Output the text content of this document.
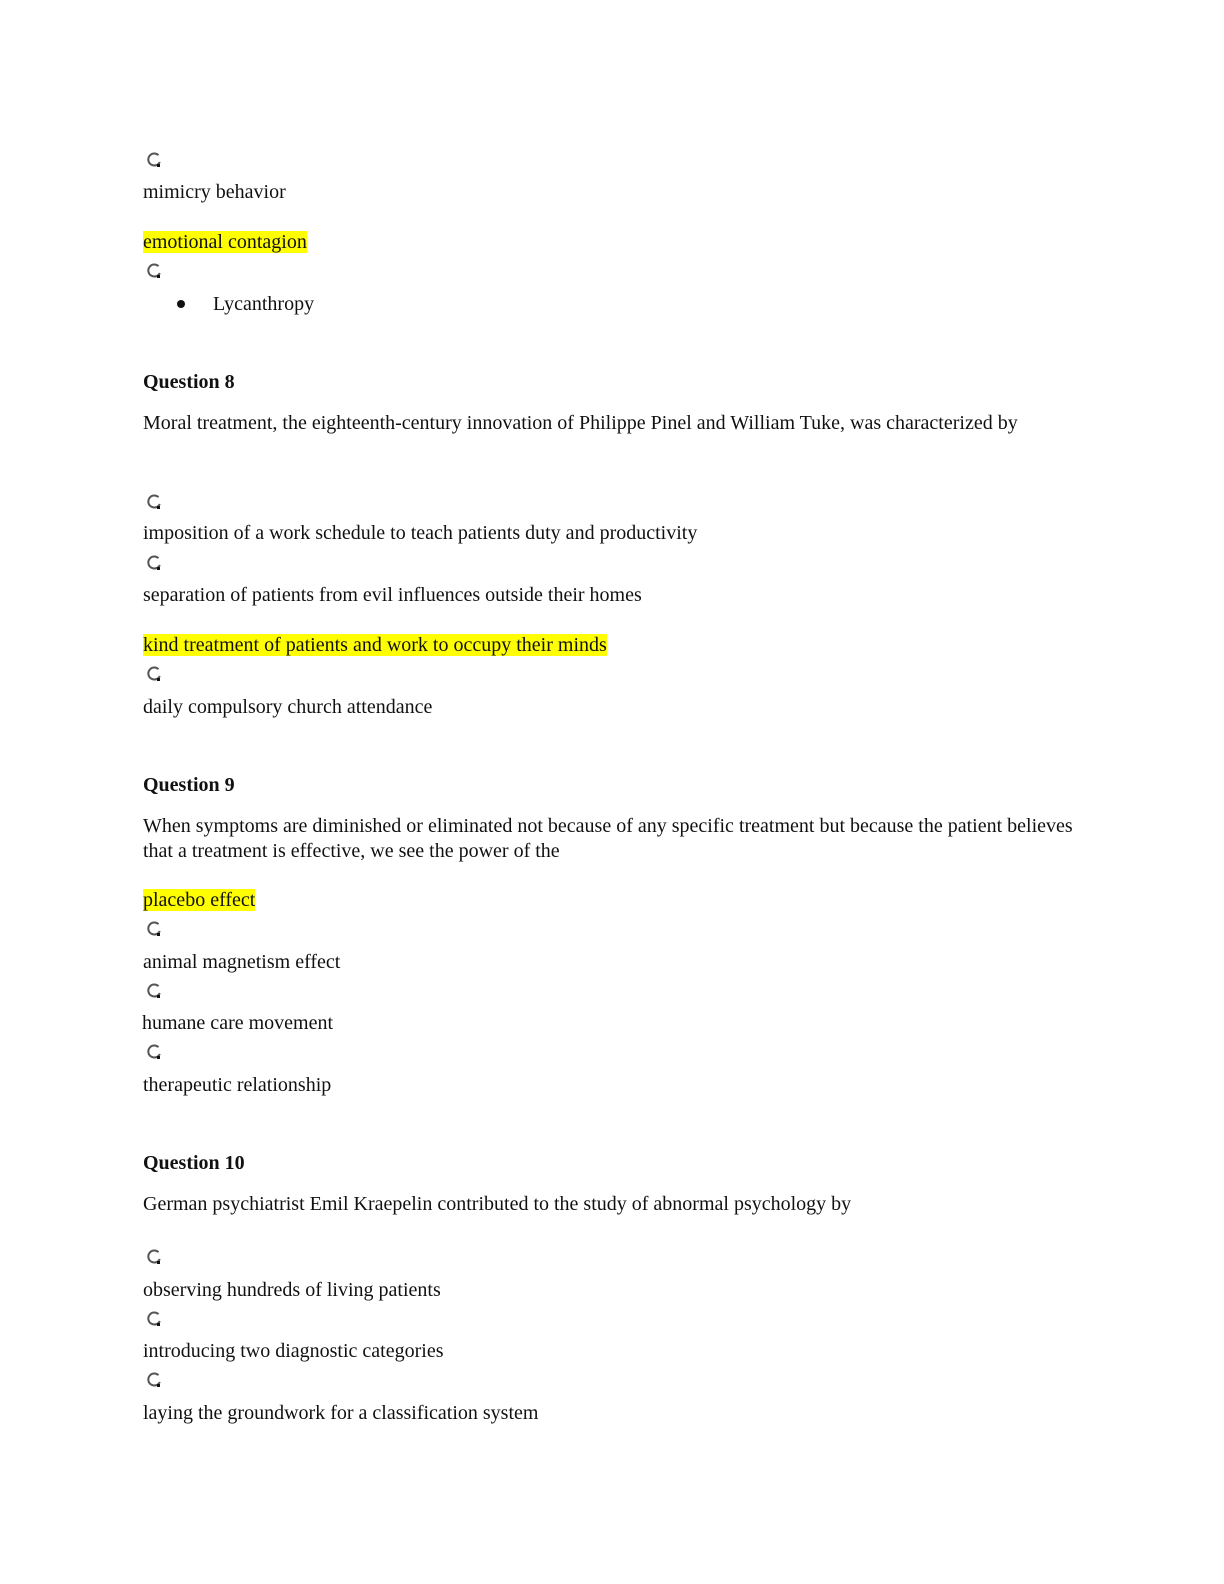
mimicry behavior
emotional contagion
Lycanthropy
Question 8
Moral treatment, the eighteenth-century innovation of Philippe Pinel and William Tuke, was characterized by
imposition of a work schedule to teach patients duty and productivity
separation of patients from evil influences outside their homes
kind treatment of patients and work to occupy their minds
daily compulsory church attendance
Question 9
When symptoms are diminished or eliminated not because of any specific treatment but because the patient believes that a treatment is effective, we see the power of the
placebo effect
animal magnetism effect
humane care movement
therapeutic relationship
Question 10
German psychiatrist Emil Kraepelin contributed to the study of abnormal psychology by
observing hundreds of living patients
introducing two diagnostic categories
laying the groundwork for a classification system
